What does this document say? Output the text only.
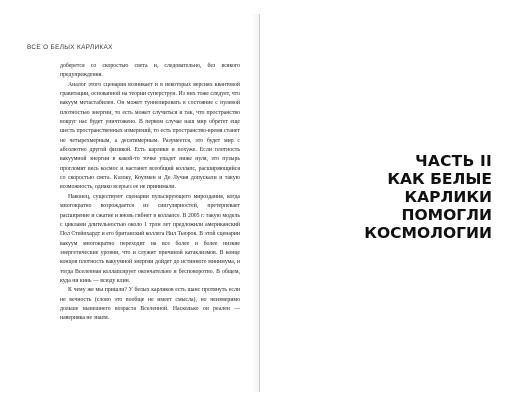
ВСЕ О БЕЛЫХ КАРЛИКАХ

доберется со скоростью света и, следовательно, без всякого предупреждения.

Аналог этого сценария возникает и в некоторых версиях квантовой гравитации, основанной на теории суперструн. Из них тоже следует, что вакуум метастабилен. Он может туннелировать в состояние с нулевой плотностью энергии, то есть может случиться и так, что пространство вокруг нас будет уничтожено. В первом случае наш мир обретет еще шесть пространственных измерений, то есть пространство-время станет не четырехмерным, а десятимерным. Разумеется, это будет мир с абсолютно другой физикой. Есть карлики и похуже. Если плотность вакуумной энергии в какой-то точке упадет ниже нуля, это пузырь прогломит весь космос и настанет всеобщий коллапс, расширяющийся со скоростью света. Кэлоку, Коулмен и Де Лучия допускали и такую возможность, однако всерьез ее не принимали.

Наконец, существуют сценарии пульсирующего мироздания, когда многократно возрождается из сингулярностей, претерпевает расширение и сжатие и вновь гибнет в коллапсе. В 2005 г. такую модель с циклами длительностью около 1 трлн лет предложили американский Пол Стейнхардт и его британский коллега Нил Тьюрок. В этой сценарии вакуум многократно переходит на все более и более низкие энергетические уровни, что и служит причиной катаклизмов. В конце концов плотность вакуумной энергии дойдет до истинного минимума, и тогда Вселенная коллапсирует окончательно и бесповоротно. В общем, куда ни кинь — всюду клин.

К чему же мы пришли? У белых карликов есть шанс протянуть если не вечность (слово это вообще не имеет смысла), но неизмеримо дольше нынешнего возраста Вселенной. Насколько он реален — наверняка не знаем.

ЧАСТЬ II
КАК БЕЛЫЕ
КАРЛИКИ
ПОМОГЛИ
КОСМОЛОГИИ
